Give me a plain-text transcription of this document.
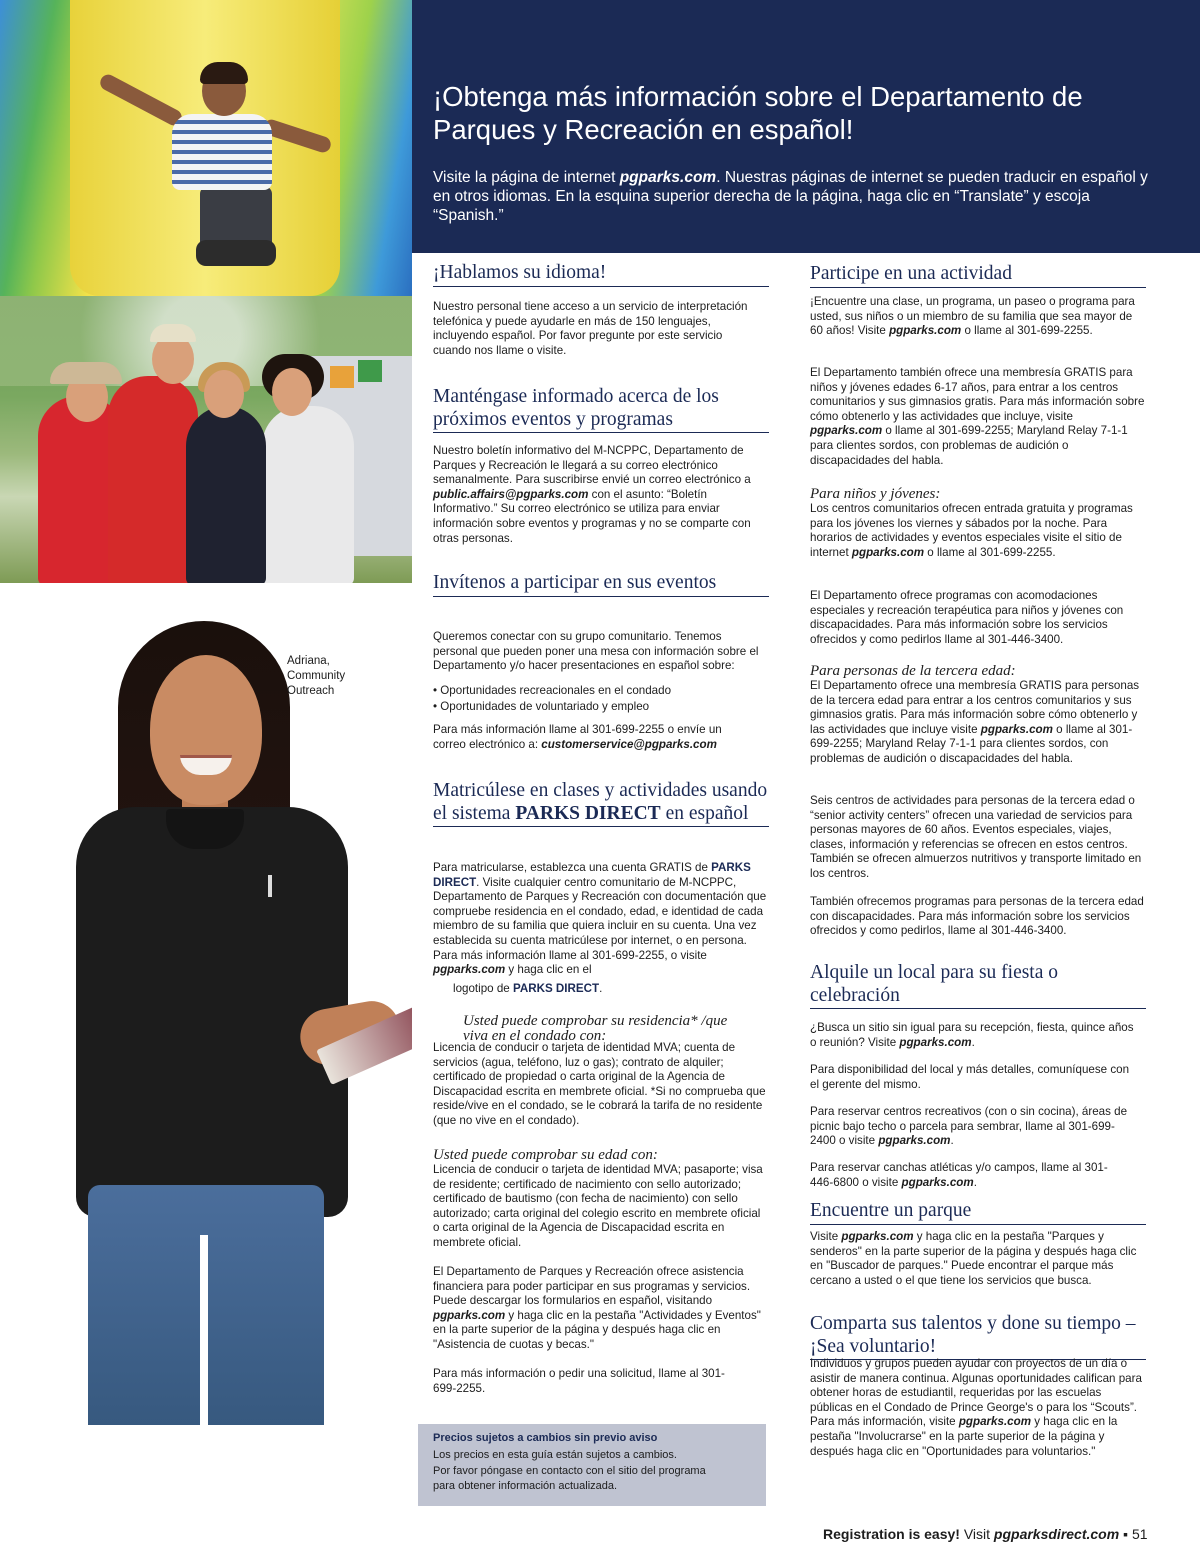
Adriana,
Community
Outreach
¡Obtenga más información sobre el Departamento de Parques y Recreación en español!
Visite la página de internet pgparks.com. Nuestras páginas de internet se pueden traducir en español y en otros idiomas. En la esquina superior derecha de la página, haga clic en “Translate” y escoja “Spanish.”
¡Hablamos su idioma!
Nuestro personal tiene acceso a un servicio de interpretación telefónica y puede ayudarle en más de 150 lenguajes, incluyendo español. Por favor pregunte por este servicio cuando nos llame o visite.
Manténgase informado acerca de los próximos eventos y programas
Nuestro boletín informativo del M-NCPPC, Departamento de Parques y Recreación le llegará a su correo electrónico semanalmente. Para suscribirse envié un correo electrónico a public.affairs@pgparks.com con el asunto: “Boletín Informativo.” Su correo electrónico se utiliza para enviar información sobre eventos y programas y no se comparte con otras personas.
Invítenos a participar en sus eventos
Queremos conectar con su grupo comunitario. Tenemos personal que pueden poner una mesa con información sobre el Departamento y/o hacer presentaciones en español sobre:
• Oportunidades recreacionales en el condado
• Oportunidades de voluntariado y empleo
Para más información llame al 301-699-2255 o envíe un correo electrónico a: customerservice@pgparks.com
Matricúlese en clases y actividades usando el sistema PARKS DIRECT en español
Para matricularse, establezca una cuenta GRATIS de PARKS DIRECT. Visite cualquier centro comunitario de M-NCPPC, Departamento de Parques y Recreación con documentación que compruebe residencia en el condado, edad, e identidad de cada miembro de su familia que quiera incluir en su cuenta. Una vez establecida su cuenta matricúlese por internet, o en persona. Para más información llame al 301-699-2255, o visite pgparks.com y haga clic en el
logotipo de PARKS DIRECT.
Usted puede comprobar su residencia* /que
viva en el condado con:
Licencia de conducir o tarjeta de identidad MVA; cuenta de servicios (agua, teléfono, luz o gas); contrato de alquiler; certificado de propiedad o carta original de la Agencia de Discapacidad escrita en membrete oficial. *Si no comprueba que reside/vive en el condado, se le cobrará la tarifa de no residente (que no vive en el condado).
Usted puede comprobar su edad con:
Licencia de conducir o tarjeta de identidad MVA; pasaporte; visa de residente; certificado de nacimiento con sello autorizado; certificado de bautismo (con fecha de nacimiento) con sello autorizado; carta original del colegio escrito en membrete oficial o carta original de la Agencia de Discapacidad escrita en membrete oficial.
El Departamento de Parques y Recreación ofrece asistencia financiera para poder participar en sus programas y servicios. Puede descargar los formularios en español, visitando pgparks.com y haga clic en la pestaña "Actividades y Eventos" en la parte superior de la página y después haga clic en "Asistencia de cuotas y becas."
Para más información o pedir una solicitud, llame al 301-699-2255.
Precios sujetos a cambios sin previo aviso
Los precios en esta guía están sujetos a cambios.
Por favor póngase en contacto con el sitio del programa
para obtener información actualizada.
Participe en una actividad
¡Encuentre una clase, un programa, un paseo o programa para usted, sus niños o un miembro de su familia que sea mayor de 60 años! Visite pgparks.com o llame al 301-699-2255.
El Departamento también ofrece una membresía GRATIS para niños y jóvenes edades 6-17 años, para entrar a los centros comunitarios y sus gimnasios gratis. Para más información sobre cómo obtenerlo y las actividades que incluye, visite pgparks.com o llame al 301-699-2255; Maryland Relay 7-1-1 para clientes sordos, con problemas de audición o discapacidades del habla.
Para niños y jóvenes:
Los centros comunitarios ofrecen entrada gratuita y programas para los jóvenes los viernes y sábados por la noche. Para horarios de actividades y eventos especiales visite el sitio de internet pgparks.com o llame al 301-699-2255.
El Departamento ofrece programas con acomodaciones especiales y recreación terapéutica para niños y jóvenes con discapacidades. Para más información sobre los servicios ofrecidos y como pedirlos llame al 301-446-3400.
Para personas de la tercera edad:
El Departamento ofrece una membresía GRATIS para personas de la tercera edad para entrar a los centros comunitarios y sus gimnasios gratis. Para más información sobre cómo obtenerlo y las actividades que incluye visite pgparks.com o llame al 301-699-2255; Maryland Relay 7-1-1 para clientes sordos, con problemas de audición o discapacidades del habla.
Seis centros de actividades para personas de la tercera edad o “senior activity centers” ofrecen una variedad de servicios para personas mayores de 60 años. Eventos especiales, viajes, clases, información y referencias se ofrecen en estos centros. También se ofrecen almuerzos nutritivos y transporte limitado en los centros.
También ofrecemos programas para personas de la tercera edad con discapacidades. Para más información sobre los servicios ofrecidos y como pedirlos, llame al 301-446-3400.
Alquile un local para su fiesta o celebración
¿Busca un sitio sin igual para su recepción, fiesta, quince años o reunión? Visite pgparks.com.
Para disponibilidad del local y más detalles, comuníquese con el gerente del mismo.
Para reservar centros recreativos (con o sin cocina), áreas de picnic bajo techo o parcela para sembrar, llame al 301-699-2400 o visite pgparks.com.
Para reservar canchas atléticas y/o campos, llame al 301-446-6800 o visite pgparks.com.
Encuentre un parque
Visite pgparks.com y haga clic en la pestaña "Parques y senderos" en la parte superior de la página y después haga clic en "Buscador de parques." Puede encontrar el parque más cercano a usted o el que tiene los servicios que busca.
Comparta sus talentos y done su tiempo – ¡Sea voluntario!
Individuos y grupos pueden ayudar con proyectos de un día o asistir de manera continua. Algunas oportunidades califican para obtener horas de estudiantil, requeridas por las escuelas públicas en el Condado de Prince George's o para los “Scouts”. Para más información, visite pgparks.com y haga clic en la pestaña "Involucrarse" en la parte superior de la página y después haga clic en "Oportunidades para voluntarios."
Registration is easy! Visit pgparksdirect.com ▪ 51
